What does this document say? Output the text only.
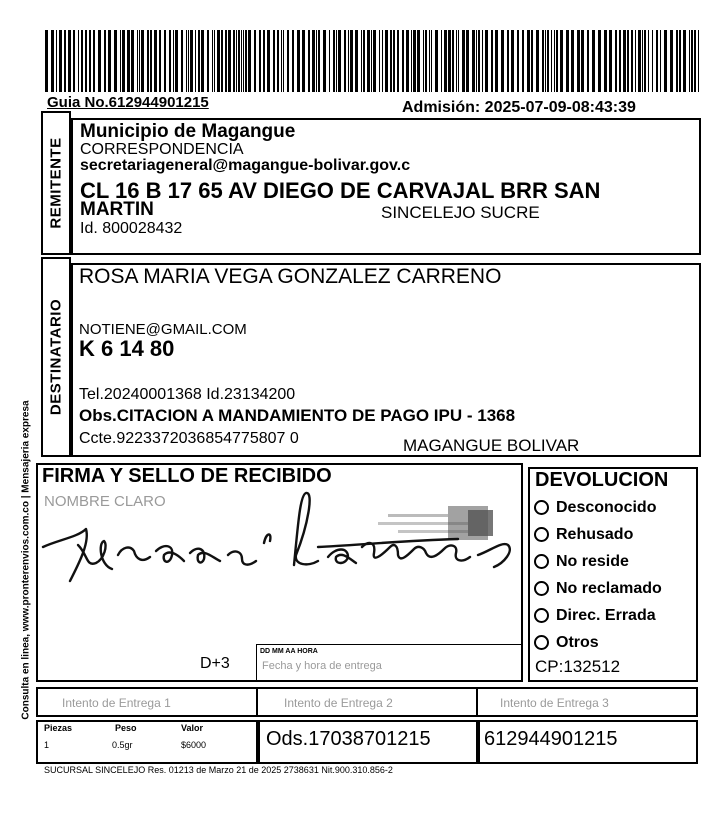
Guia No.612944901215	Admisión: 2025-07-09-08:43:39
REMITENTE
Municipio de Magangue
CORRESPONDENCIA
secretariageneral@magangue-bolivar.gov.c
CL 16 B 17 65 AV DIEGO DE CARVAJAL BRR SAN
MARTIN	SINCELEJO SUCRE
Id. 800028432
DESTINATARIO
ROSA MARIA VEGA GONZALEZ CARRENO
NOTIENE@GMAIL.COM
K 6 14 80
Tel.20240001368 Id.23134200
Obs.CITACION A MANDAMIENTO DE PAGO IPU - 1368
Ccte.9223372036854775807 0	MAGANGUE BOLIVAR
FIRMA Y SELLO DE RECIBIDO
NOMBRE CLARO
D+3
DD MM AA HORA
Fecha y hora de entrega
DEVOLUCION
Desconocido
Rehusado
No reside
No reclamado
Direc. Errada
Otros
CP:132512
Intento de Entrega 1	Intento de Entrega 2	Intento de Entrega 3
Piezas	Peso	Valor
1	0.5gr	$6000	Ods.17038701215	612944901215
SUCURSAL SINCELEJO Res. 01213 de Marzo 21 de 2025 2738631 Nit.900.310.856-2
Consulta en linea, www.pronterenvios.com.co | Mensajeria expresa
